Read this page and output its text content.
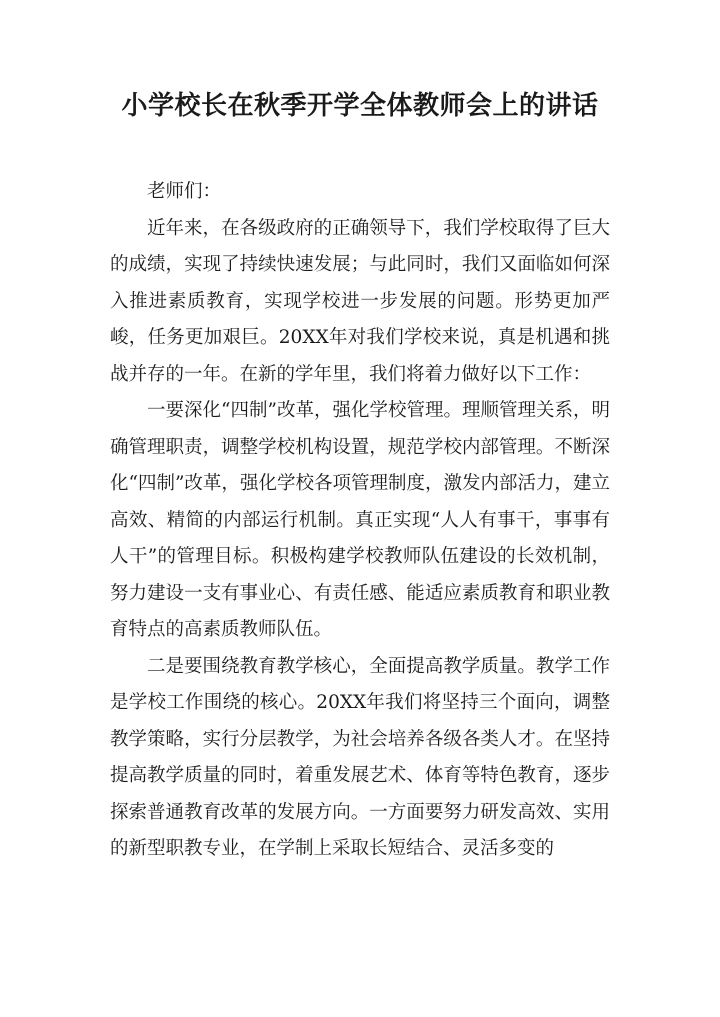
小学校长在秋季开学全体教师会上的讲话

老师们：

近年来，在各级政府的正确领导下，我们学校取得了巨大的成绩，实现了持续快速发展；与此同时，我们又面临如何深入推进素质教育，实现学校进一步发展的问题。形势更加严峻，任务更加艰巨。20XX年对我们学校来说，真是机遇和挑战并存的一年。在新的学年里，我们将着力做好以下工作：

一要深化“四制”改革，强化学校管理。理顺管理关系，明确管理职责，调整学校机构设置，规范学校内部管理。不断深化“四制”改革，强化学校各项管理制度，激发内部活力，建立高效、精简的内部运行机制。真正实现“人人有事干，事事有人干”的管理目标。积极构建学校教师队伍建设的长效机制，努力建设一支有事业心、有责任感、能适应素质教育和职业教育特点的高素质教师队伍。

二是要围绕教育教学核心，全面提高教学质量。教学工作是学校工作围绕的核心。20XX年我们将坚持三个面向，调整教学策略，实行分层教学，为社会培养各级各类人才。在坚持提高教学质量的同时，着重发展艺术、体育等特色教育，逐步探索普通教育改革的发展方向。一方面要努力研发高效、实用的新型职教专业，在学制上采取长短结合、灵活多变的
